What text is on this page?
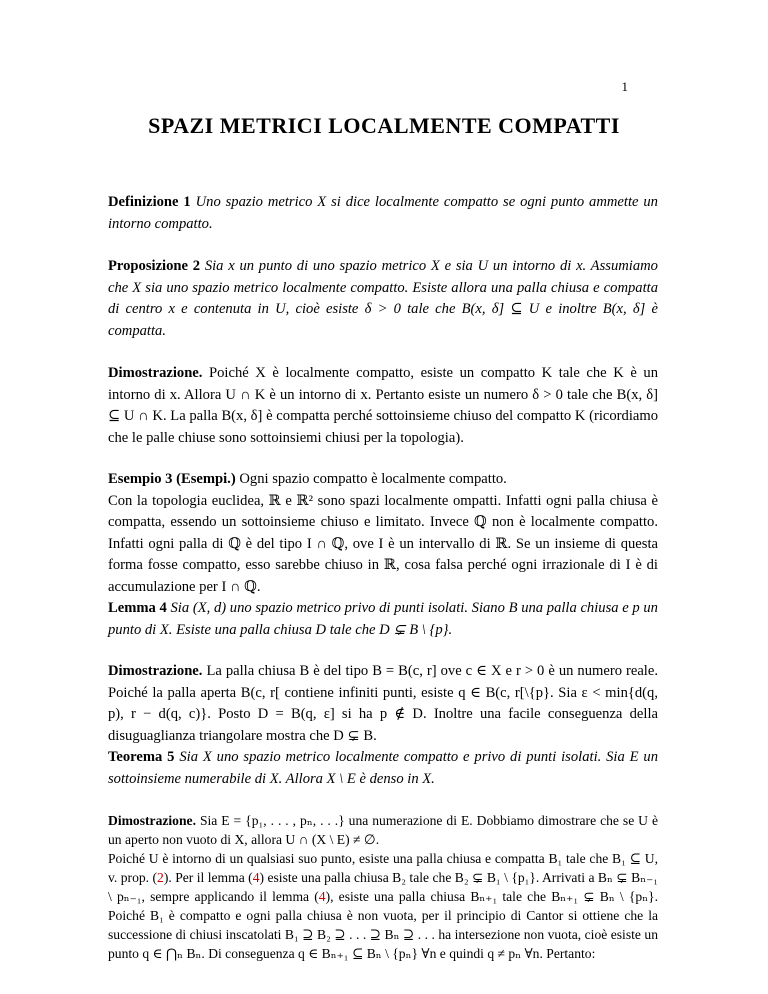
1
SPAZI METRICI LOCALMENTE COMPATTI
Definizione 1 Uno spazio metrico X si dice localmente compatto se ogni punto ammette un intorno compatto.
Proposizione 2 Sia x un punto di uno spazio metrico X e sia U un intorno di x. Assumiamo che X sia uno spazio metrico localmente compatto. Esiste allora una palla chiusa e compatta di centro x e contenuta in U, cioè esiste δ > 0 tale che B(x, δ] ⊆ U e inoltre B(x, δ] è compatta.
Dimostrazione. Poiché X è localmente compatto, esiste un compatto K tale che K è un intorno di x. Allora U ∩ K è un intorno di x. Pertanto esiste un numero δ > 0 tale che B(x, δ] ⊆ U ∩ K. La palla B(x, δ] è compatta perché sottoinsieme chiuso del compatto K (ricordiamo che le palle chiuse sono sottoinsiemi chiusi per la topologia).
Esempio 3 (Esempi.) Ogni spazio compatto è localmente compatto.
Con la topologia euclidea, ℝ e ℝ² sono spazi localmente ompatti. Infatti ogni palla chiusa è compatta, essendo un sottoinsieme chiuso e limitato. Invece ℚ non è localmente compatto. Infatti ogni palla di ℚ è del tipo I ∩ ℚ, ove I è un intervallo di ℝ. Se un insieme di questa forma fosse compatto, esso sarebbe chiuso in ℝ, cosa falsa perché ogni irrazionale di I è di accumulazione per I ∩ ℚ.
Lemma 4 Sia (X, d) uno spazio metrico privo di punti isolati. Siano B una palla chiusa e p un punto di X. Esiste una palla chiusa D tale che D ⊊ B \ {p}.
Dimostrazione. La palla chiusa B è del tipo B = B(c, r] ove c ∈ X e r > 0 è un numero reale. Poiché la palla aperta B(c, r[ contiene infiniti punti, esiste q ∈ B(c, r[\{p}. Sia ε < min{d(q, p), r − d(q, c)}. Posto D = B(q, ε] si ha p ∉ D. Inoltre una facile conseguenza della disuguaglianza triangolare mostra che D ⊊ B.
Teorema 5 Sia X uno spazio metrico localmente compatto e privo di punti isolati. Sia E un sottoinsieme numerabile di X. Allora X \ E è denso in X.
Dimostrazione. Sia E = {p₁, . . . , pₙ, . . .} una numerazione di E. Dobbiamo dimostrare che se U è un aperto non vuoto di X, allora U ∩ (X \ E) ≠ ∅.
Poiché U è intorno di un qualsiasi suo punto, esiste una palla chiusa e compatta B₁ tale che B₁ ⊆ U, v. prop. (2). Per il lemma (4) esiste una palla chiusa B₂ tale che B₂ ⊊ B₁ \ {p₁}. Arrivati a Bₙ ⊊ Bₙ₋₁ \ pₙ₋₁, sempre applicando il lemma (4), esiste una palla chiusa Bₙ₊₁ tale che Bₙ₊₁ ⊊ Bₙ \ {pₙ}. Poiché B₁ è compatto e ogni palla chiusa è non vuota, per il principio di Cantor si ottiene che la successione di chiusi inscatolati B₁ ⊇ B₂ ⊇ . . . ⊇ Bₙ ⊇ . . . ha intersezione non vuota, cioè esiste un punto q ∈ ⋂ₙ Bₙ. Di conseguenza q ∈ Bₙ₊₁ ⊆ Bₙ \ {pₙ} ∀n e quindi q ≠ pₙ ∀n. Pertanto:
